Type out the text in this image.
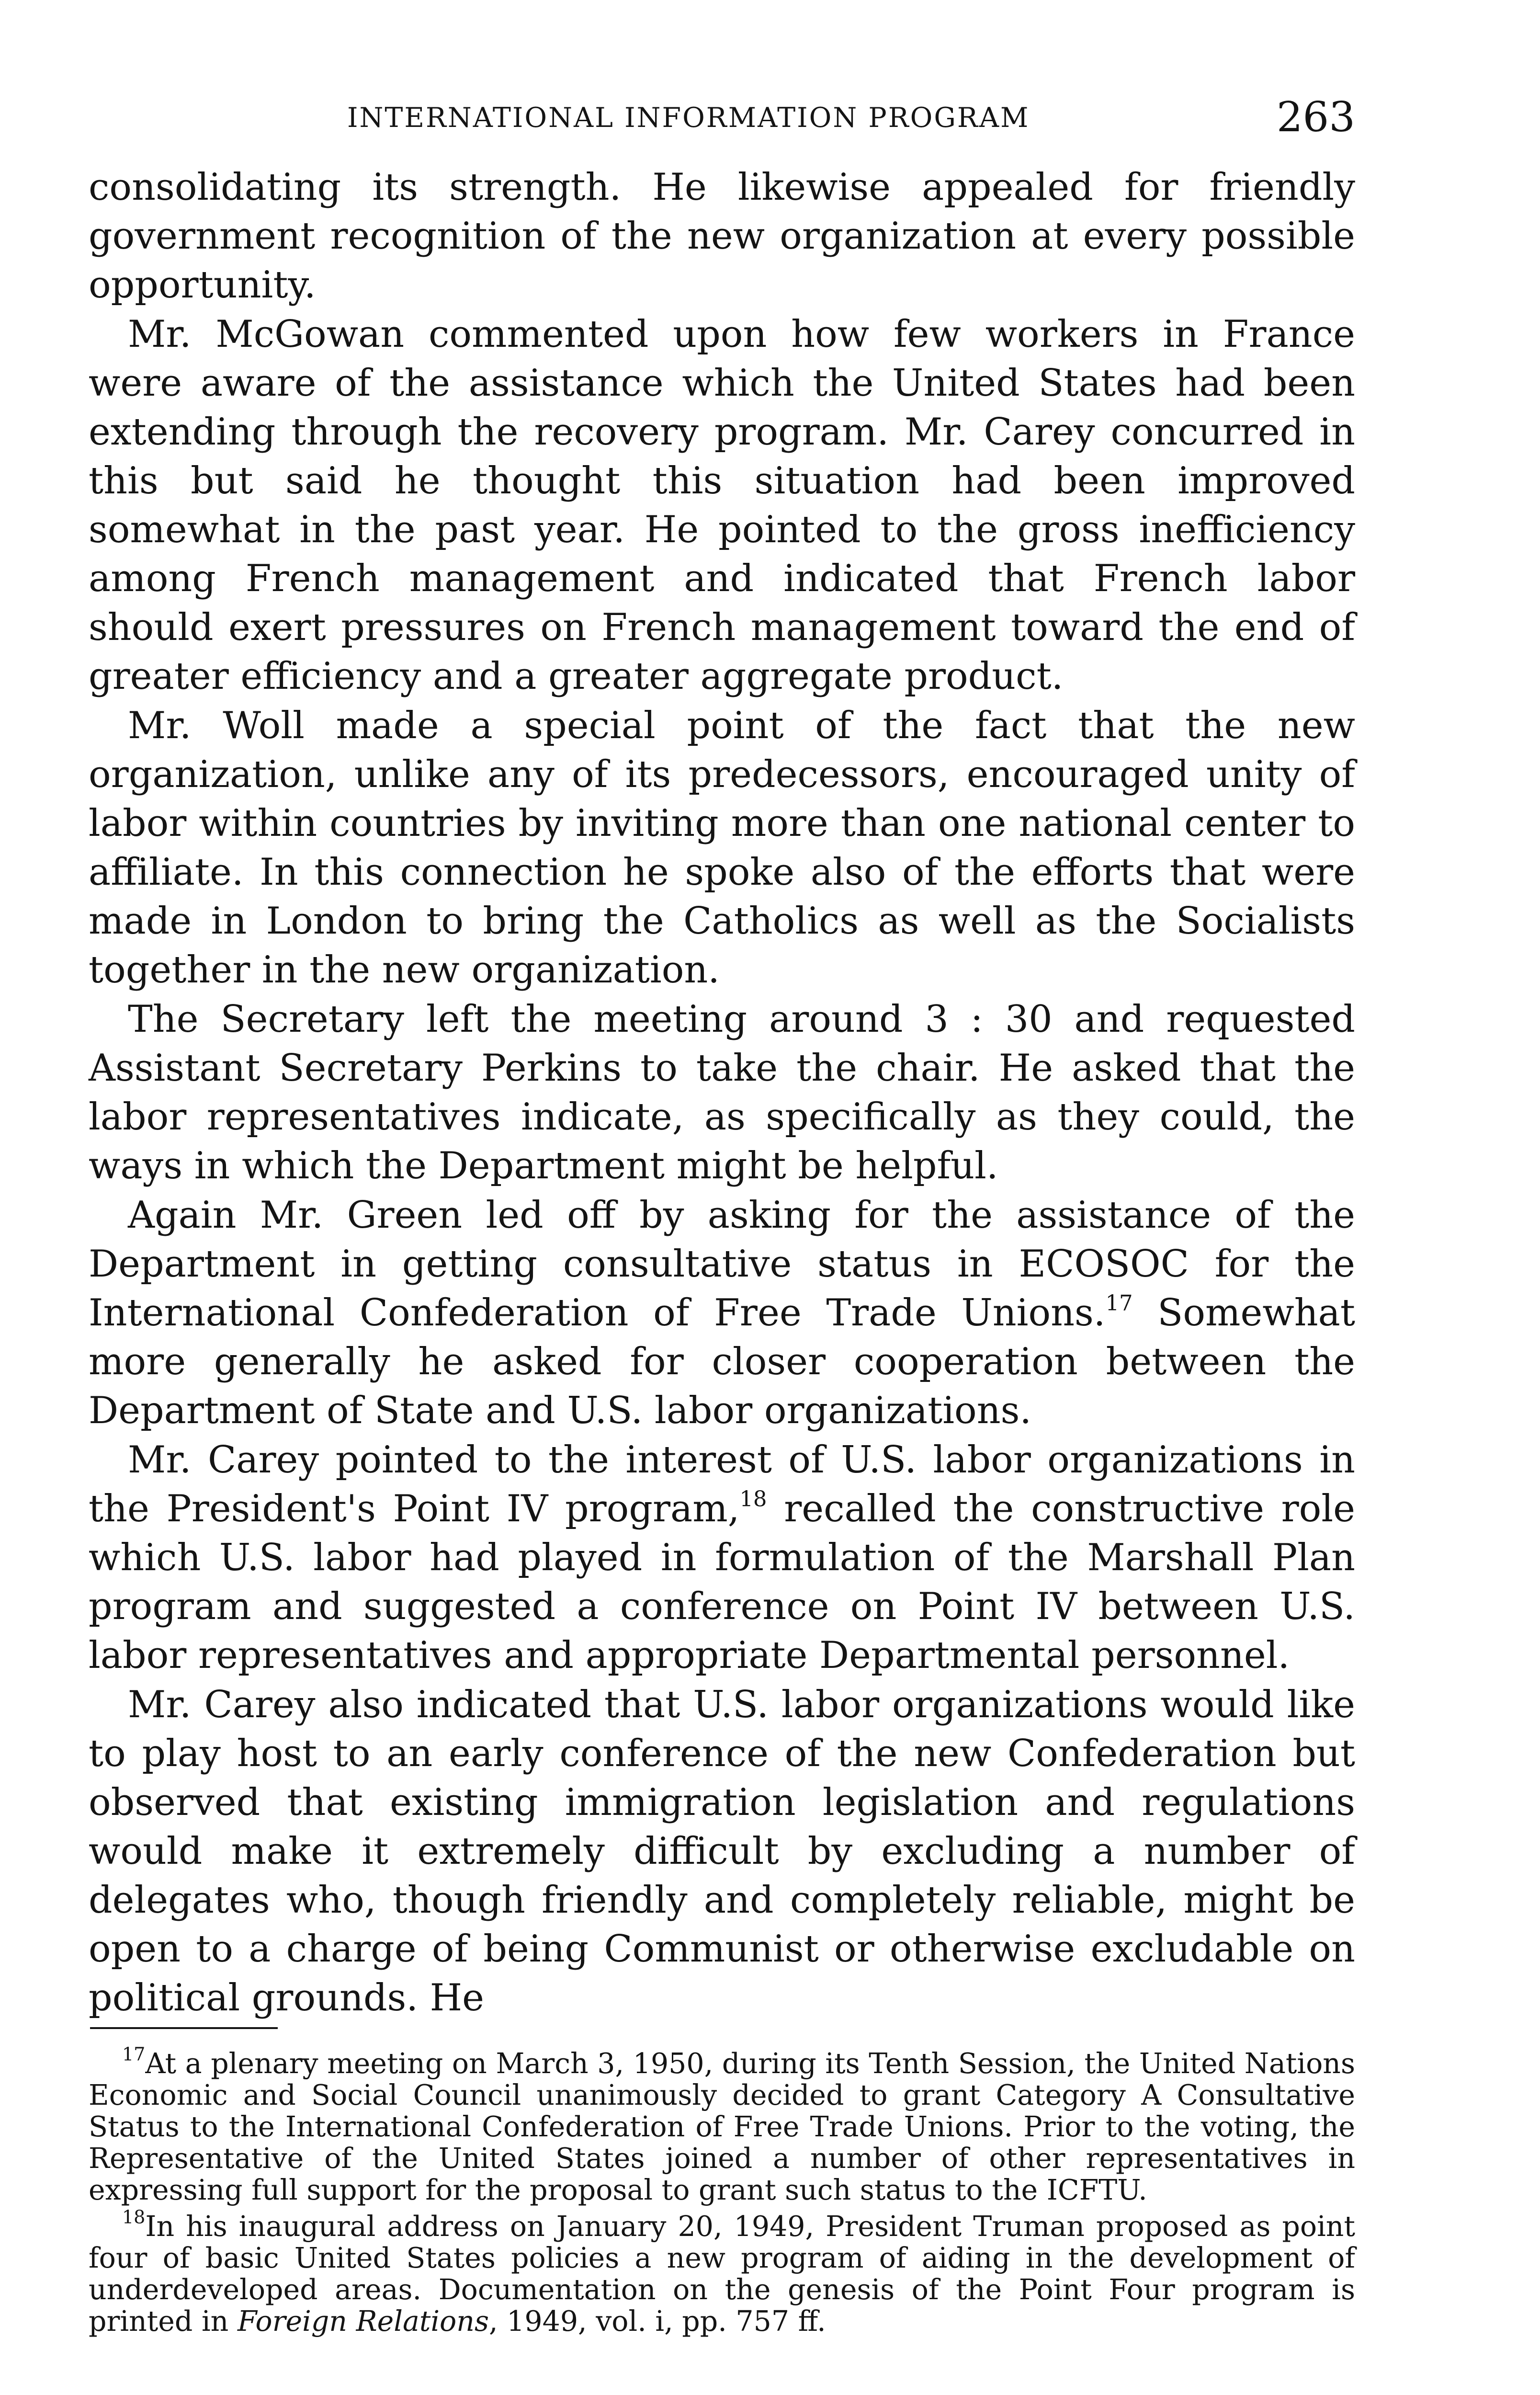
INTERNATIONAL INFORMATION PROGRAM	263

consolidating its strength. He likewise appealed for friendly government recognition of the new organization at every possible opportunity.

Mr. McGowan commented upon how few workers in France were aware of the assistance which the United States had been extending through the recovery program. Mr. Carey concurred in this but said he thought this situation had been improved somewhat in the past year. He pointed to the gross inefficiency among French management and indicated that French labor should exert pressures on French management toward the end of greater efficiency and a greater aggregate product.

Mr. Woll made a special point of the fact that the new organization, unlike any of its predecessors, encouraged unity of labor within countries by inviting more than one national center to affiliate. In this connection he spoke also of the efforts that were made in London to bring the Catholics as well as the Socialists together in the new organization.

The Secretary left the meeting around 3 : 30 and requested Assistant Secretary Perkins to take the chair. He asked that the labor representatives indicate, as specifically as they could, the ways in which the Department might be helpful.

Again Mr. Green led off by asking for the assistance of the Department in getting consultative status in ECOSOC for the International Confederation of Free Trade Unions.$^{17}$ Somewhat more generally he asked for closer cooperation between the Department of State and U.S. labor organizations.

Mr. Carey pointed to the interest of U.S. labor organizations in the President's Point IV program,$^{18}$ recalled the constructive role which U.S. labor had played in formulation of the Marshall Plan program and suggested a conference on Point IV between U.S. labor representatives and appropriate Departmental personnel.

Mr. Carey also indicated that U.S. labor organizations would like to play host to an early conference of the new Confederation but observed that existing immigration legislation and regulations would make it extremely difficult by excluding a number of delegates who, though friendly and completely reliable, might be open to a charge of being Communist or otherwise excludable on political grounds. He

$^{17}$At a plenary meeting on March 3, 1950, during its Tenth Session, the United Nations Economic and Social Council unanimously decided to grant Category A Consultative Status to the International Confederation of Free Trade Unions. Prior to the voting, the Representative of the United States joined a number of other representatives in expressing full support for the proposal to grant such status to the ICFTU.

$^{18}$In his inaugural address on January 20, 1949, President Truman proposed as point four of basic United States policies a new program of aiding in the development of underdeveloped areas. Documentation on the genesis of the Point Four program is printed in Foreign Relations, 1949, vol. i, pp. 757 ff.
